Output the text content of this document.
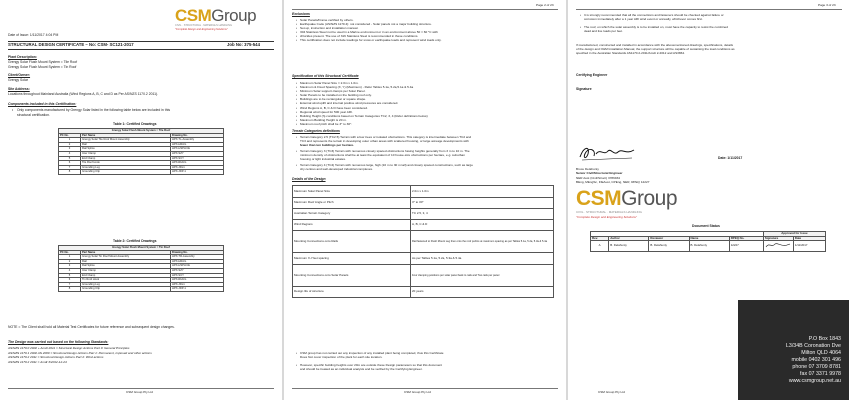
Date of Issue: 1/11/2017 4:04 PM
CSMGroup
CIVIL · STRUCTURAL · MATERIALS HANDLING
"Complete Design and Engineering Solutions"
STRUCTURAL DESIGN CERTIFICATE – No: CSM- SC121-2017	Job No: 375-544
Plant Description:
Grengy Solar Flush Mount System = Tile Roof
Grengy Solar Flush Mount System = Tin Roof
Client/Owner:
Grengy Solar
Site Address:
Locations throughout Mainland Australia (Wind Regions A, B, C and D as Per AS/NZS 1170.2 2011).
Components included in this Certification:
• Only components manufactured by Grengy Solar listed in the following table below are included in this
structural certification.
Table 1: Certified Drawings
Grengy Solar Flush Mount System = Tile Roof		
PC No.	Part Name	Drawing No.
1	Grengy Solar Tile Roof Mount Assembly	HPX-TL-Assembly
2	Rail	HPX-HRAIL
3	Rail Splice	HPX-HSPLICE
4	Inter Clamp	HPX-SZY
5	End Clamp	HPX-SCY
6	Tile Roof Hook	HPX-RHUG
7	Grounding Lug	HPX-JDL1
8	Grounding Clip	HPX-JDP-1
Table 2: Certified Drawings
Grengy Solar Flush Mount System = Tin Roof		
PC No.	Part Name	Drawing No.
1	Grengy Solar Tin Roof Mount Assembly	HPX-TR-Assembly
2	Rail	HPX-HRAIL
3	Rail Splice	HPX-HSPLICE
4	Inter Clamp	HPX-SZY
5	End Clamp	HPX-SCY
6	Tin Roof Hook	HPX-RHUG
7	Grounding Lug	HPX-JDL1
8	Grounding Clip	HPX-JDP-1
NOTE = The Client shall hold all Material Test Certificates for future reference and subsequent design changes.
The Design was carried out based on the following Standards:
AS/NZS 1170.0 2002 + Amdt 2011 = Structural Design Actions Part 0: General Principles
AS/NZS 1170.1 2002 AS 2009 = Structural Design Actions Part 1: Permanent, imposed and other actions
AS/NZS 1170.2 2011 = Structural Design Actions Part 2: Wind actions
AS/NZS 1170.2 2011 = Amdt 3/2012-12-24
CSM Group Pty Ltd
Page 2 of 23
Exclusions
• Solar Panels/Frame certified by others.
• Earthquake Code (AS/NZS 1170.4): not considered - Solar panels not a major building structure.
• Set-up, instruction and installation manual.
• 304 Stainless Steel not be used in a Marine environment or in an environment above 50 = 60 °C with
• chlorides present. The use of 316 Stainless Steel is recommended in these conditions.
• This certification does not include loadings for snow or earthquake loads and represent wind loads only.
Specification of this Structural Certificate
• Maximum Solar Panel Size = 2.0m x 1.0m.
• Maximum & Fixed Spacing (X, Y) (Maximum) - Refer Tables 5.1a, 5.2a,5.1a & 5.4a
• Minimum Solar support clamps per Solar Panel.
• Solar Panels to be installed on the building roof only.
• Buildings are to be rectangular or square shape.
• External wind uplift and internal positive wind pressures are considered.
• Wind Regions A, B, C & D have been considered.
• Regional wind speed for 500 year ARI.
• Building Height (h) conditions based on Terrain Categories TC2, 3, 4 (Refer definitions below)
• Maximum Building Height is 20 m.
• Maximum roof pitch shall be 3° to 30°.
Terrain Categories definitions
• Terrain Category 2.5 (TC2.5) Terrain with a few trees or isolated obstructions. This category is intermediate between TC2 and
TC3 and represents the terrain in developing outer urban areas with scattered housing, or large acreage developments with
fewer than ten buildings per hectare.
• Terrain Category 3 (TC3) Terrain with numerous closely spaced obstructions having heights generally from 3 m to 10 m. The
minimum density of obstructions shall be at least the equivalent of 10 house-size obstructions per hectare, e.g. suburban
housing or light industrial estates.
• Terrain Category 4 (TC4) Terrain with numerous large, high (10 m to 30 m tall) and closely spaced constructions, such as large
city centres and well-developed industrial complexes.
Details of the Design
Maximum Solar Panel Size	2.0m x 1.0m
Maximum Roof Angle or Pitch	3° to 30°
Australian Terrain Category	TC 2.5, 3, 4
Wind Regions	A, B, C & D
Mounting Connections onto Rails	Rail fastened to Flush Mount Leg then onto the roof purlins at maximum spacing as per Tables 5.1a, 5.2a, 5.3a & 5.4a
Maximum X-Y/set spacing	As per Tables 5.1a, 5.2a, 5.3a & 5.4a
Mounting Connections onto Solar Panels	Four clamping positions per solar panel back to rails and Two rails per panel
Design life of structure	20 years
• CSM group has not carried out any inspection of any installed plant being completed, thus this Certificate
Does Not cover inspection of the plant for each site location.
• However, specific building heights over 20m are outside these Design parameters so that this document
and should be treated as an individual analysis and be verified by the Certifying Engineer.
CSM Group Pty Ltd
Page 3 of 23
• It is strongly recommended that all the connections and fasteners should be checked against failure or
corrosion immediately after a 1 year ARI wind event or annually, whichever comes first.
• The roof, on which the solar assembly is to be installed on, must have the capacity to resist the combined
dead and live loads per feet.
If manufactured, constructed and installed in accordance with the abovementioned drawings, specifications, details
of the design and O&M Installation Manual, the support structure will be capable of sustaining the load conditions as
specified in the Australian Standards AS1170.2-2011/Amdt 2-2012 and AS3864.
Certifying Engineer
Signature
Date: 1/11/2017
Bruce Delahunty
Senior Civil/Structural Engineer
NER Aust (Civil/Struct) 3786934
BEng, MEngSc, FIEAust, CPEng, NER, RPEQ 12227
CSMGroup
CIVIL · STRUCTURAL · MATERIALS HANDLING
"Complete Design and Engineering Solutions"
Document Status
					Approved for Issue	
Rev.	Author	Reviewer	Name	RPEQ No.	Signature	Date
A	B. Delahunty	B. Delahunty	B. Delahunty	12227		1/11/2017
P.O Box 1843
L3/34B Coronation Dve
Milton QLD 4064
mobile 0402 301 496
phone 07 3709 8781
fax 07 3371 9978
www.csmgroup.net.au
CSM Group Pty Ltd
